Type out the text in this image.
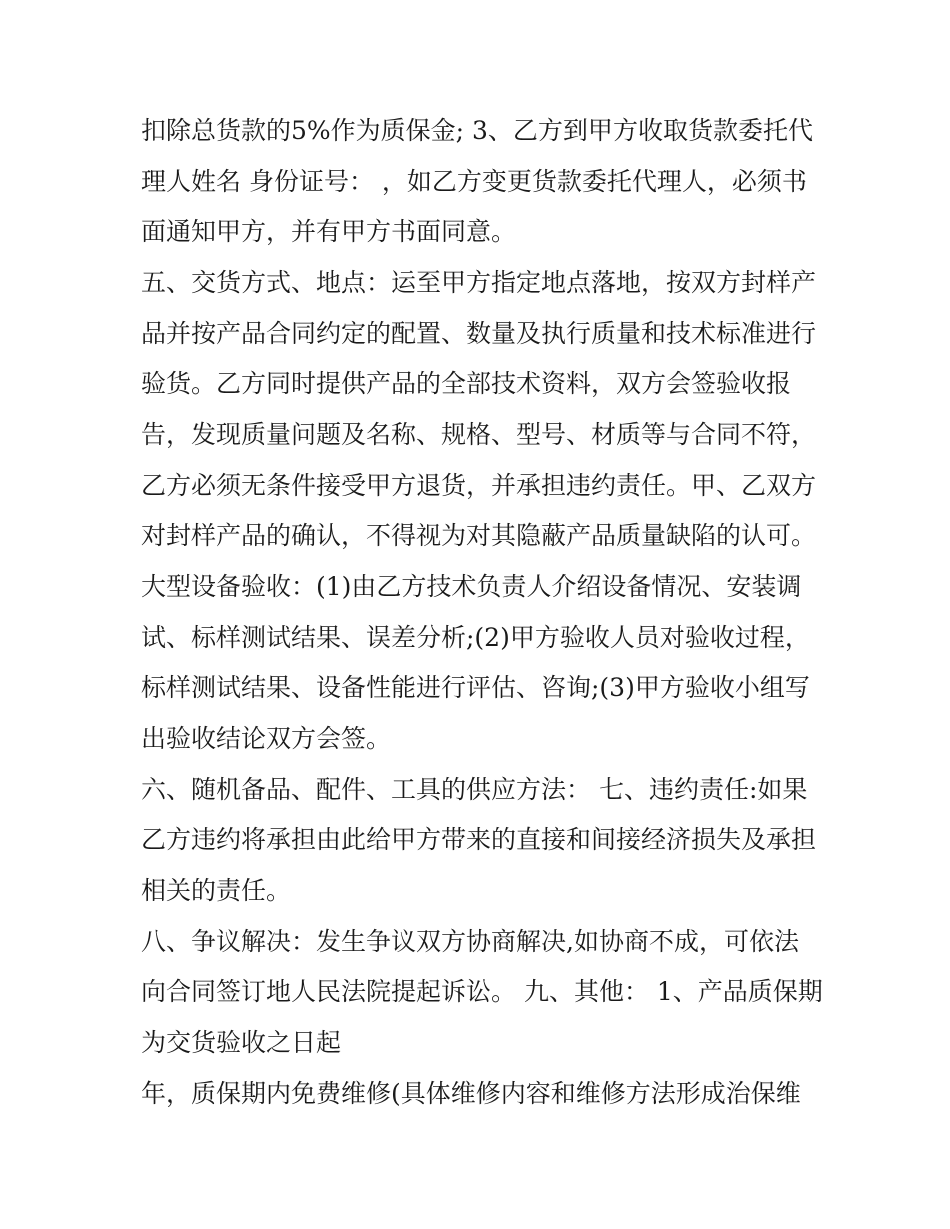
扣除总货款的5%作为质保金; 3、乙方到甲方收取货款委托代
理人姓名 身份证号： ，如乙方变更货款委托代理人，必须书
面通知甲方，并有甲方书面同意。
五、交货方式、地点：运至甲方指定地点落地，按双方封样产
品并按产品合同约定的配置、数量及执行质量和技术标准进行
验货。乙方同时提供产品的全部技术资料，双方会签验收报
告，发现质量问题及名称、规格、型号、材质等与合同不符，
乙方必须无条件接受甲方退货，并承担违约责任。甲、乙双方
对封样产品的确认，不得视为对其隐蔽产品质量缺陷的认可。
大型设备验收：(1)由乙方技术负责人介绍设备情况、安装调
试、标样测试结果、误差分析;(2)甲方验收人员对验收过程，
标样测试结果、设备性能进行评估、咨询;(3)甲方验收小组写
出验收结论双方会签。
六、随机备品、配件、工具的供应方法： 七、违约责任:如果
乙方违约将承担由此给甲方带来的直接和间接经济损失及承担
相关的责任。
八、争议解决：发生争议双方协商解决,如协商不成，可依法
向合同签订地人民法院提起诉讼。 九、其他： 1、产品质保期
为交货验收之日起
年，质保期内免费维修(具体维修内容和维修方法形成治保维
